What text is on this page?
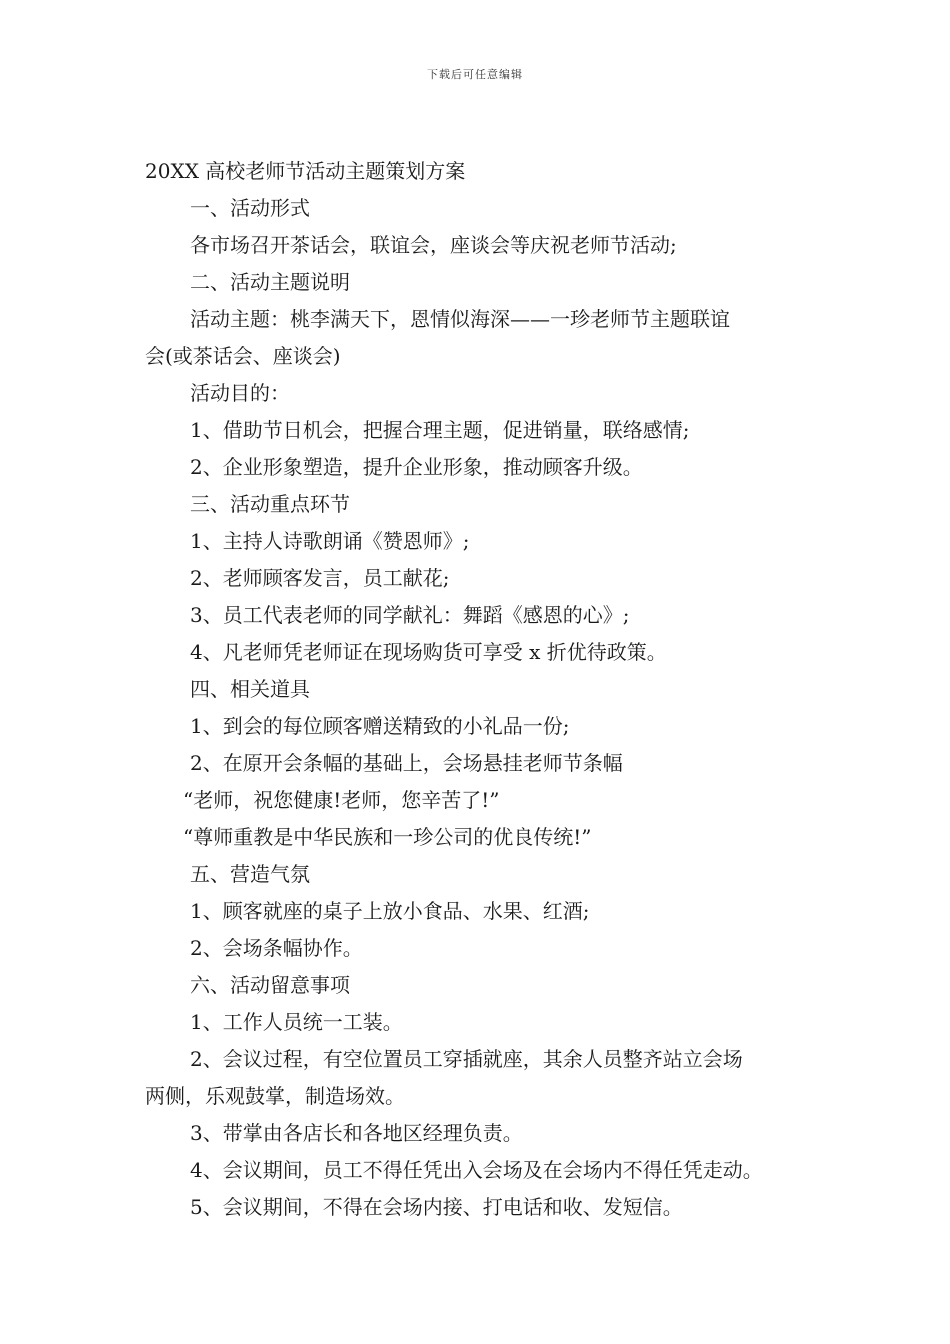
下载后可任意编辑
20XX 高校老师节活动主题策划方案
一、活动形式
各市场召开茶话会，联谊会，座谈会等庆祝老师节活动;
二、活动主题说明
活动主题：桃李满天下，恩情似海深——一珍老师节主题联谊
会(或茶话会、座谈会)
活动目的：
1、借助节日机会，把握合理主题，促进销量，联络感情;
2、企业形象塑造，提升企业形象，推动顾客升级。
三、活动重点环节
1、主持人诗歌朗诵《赞恩师》;
2、老师顾客发言，员工献花;
3、员工代表老师的同学献礼：舞蹈《感恩的心》;
4、凡老师凭老师证在现场购货可享受 x 折优待政策。
四、相关道具
1、到会的每位顾客赠送精致的小礼品一份;
2、在原开会条幅的基础上，会场悬挂老师节条幅
“老师，祝您健康!老师，您辛苦了!”
“尊师重教是中华民族和一珍公司的优良传统!”
五、营造气氛
1、顾客就座的桌子上放小食品、水果、红酒;
2、会场条幅协作。
六、活动留意事项
1、工作人员统一工装。
2、会议过程，有空位置员工穿插就座，其余人员整齐站立会场
两侧，乐观鼓掌，制造场效。
3、带掌由各店长和各地区经理负责。
4、会议期间，员工不得任凭出入会场及在会场内不得任凭走动。
5、会议期间，不得在会场内接、打电话和收、发短信。
